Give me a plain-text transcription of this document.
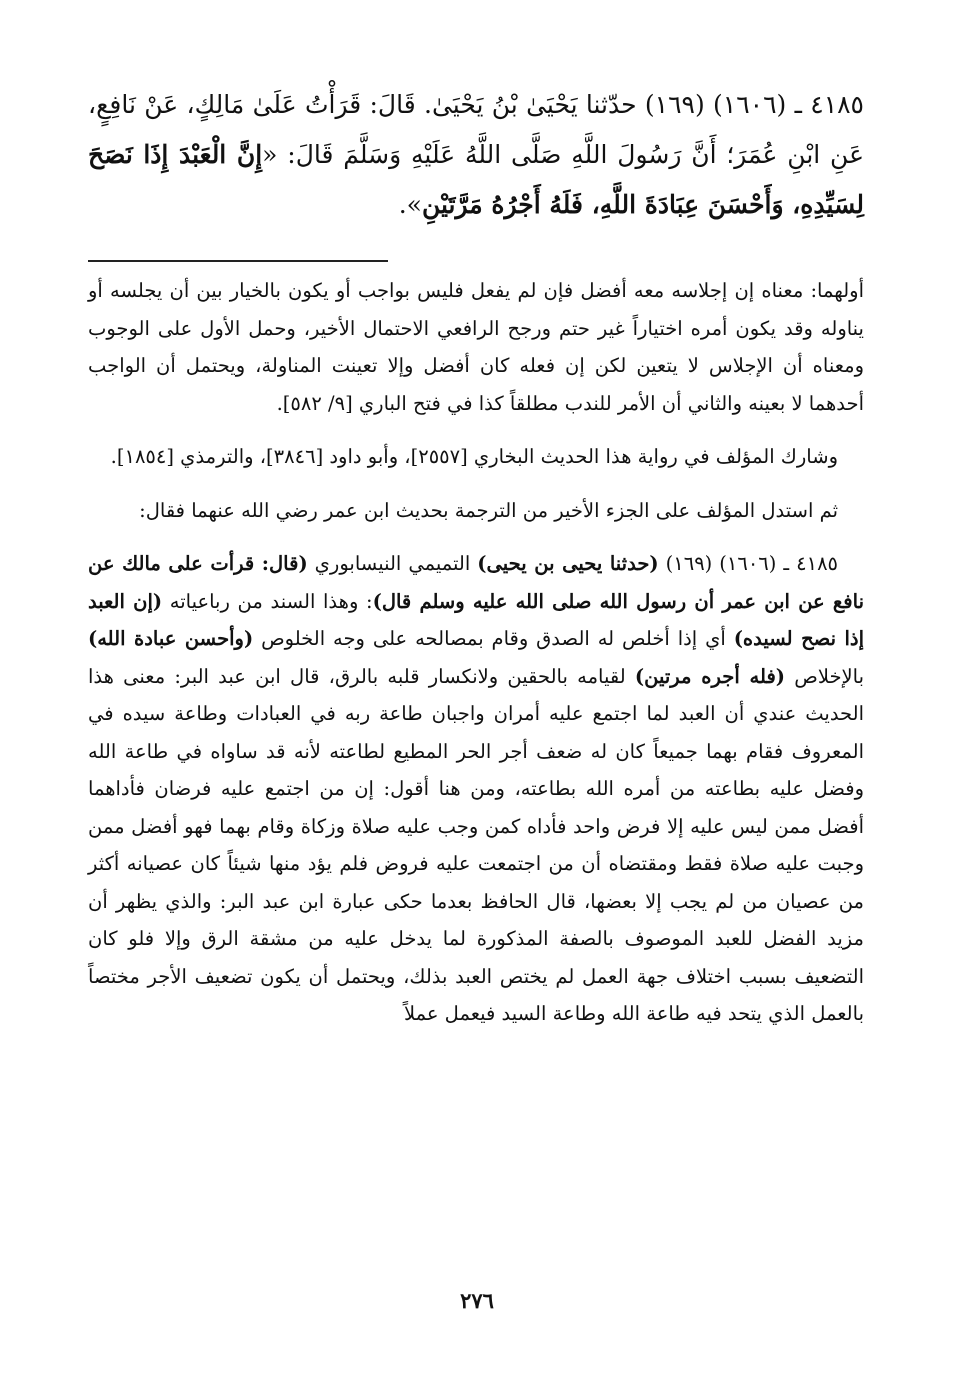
٤١٨٥ ـ (١٦٠٦) (١٦٩) حدّثنا يَحْيَىٰ بْنُ يَحْيَىٰ. قَالَ: قَرَأْتُ عَلَىٰ مَالِكٍ، عَنْ نَافِعٍ، عَنِ ابْنِ عُمَرَ؛ أَنَّ رَسُولَ اللَّهِ صَلَّى اللَّهُ عَلَيْهِ وَسَلَّمَ قَالَ: «إِنَّ الْعَبْدَ إِذَا نَصَحَ لِسَيِّدِهِ، وَأَحْسَنَ عِبَادَةَ اللَّهِ، فَلَهُ أَجْرُهُ مَرَّتَيْنِ».

أولهما: معناه إن إجلاسه معه أفضل فإن لم يفعل فليس بواجب أو يكون بالخيار بين أن يجلسه أو يناوله وقد يكون أمره اختياراً غير حتم ورجح الرافعي الاحتمال الأخير، وحمل الأول على الوجوب ومعناه أن الإجلاس لا يتعين لكن إن فعله كان أفضل وإلا تعينت المناولة، ويحتمل أن الواجب أحدهما لا بعينه والثاني أن الأمر للندب مطلقاً كذا في فتح الباري [٩/ ٥٨٢].

وشارك المؤلف في رواية هذا الحديث البخاري [٢٥٥٧]، وأبو داود [٣٨٤٦]، والترمذي [١٨٥٤].

ثم استدل المؤلف على الجزء الأخير من الترجمة بحديث ابن عمر رضي الله عنهما فقال:

٤١٨٥ ـ (١٦٠٦) (١٦٩) (حدثنا يحيى بن يحيى) التميمي النيسابوري (قال: قرأت على مالك عن نافع عن ابن عمر أن رسول الله صلى الله عليه وسلم قال): وهذا السند من رباعياته (إن العبد إذا نصح لسيده) أي إذا أخلص له الصدق وقام بمصالحه على وجه الخلوص (وأحسن عبادة الله) بالإخلاص (فله أجره مرتين) لقيامه بالحقين ولانكسار قلبه بالرق، قال ابن عبد البر: معنى هذا الحديث عندي أن العبد لما اجتمع عليه أمران واجبان طاعة ربه في العبادات وطاعة سيده في المعروف فقام بهما جميعاً كان له ضعف أجر الحر المطيع لطاعته لأنه قد ساواه في طاعة الله وفضل عليه بطاعته من أمره الله بطاعته، ومن هنا أقول: إن من اجتمع عليه فرضان فأداهما أفضل ممن ليس عليه إلا فرض واحد فأداه كمن وجب عليه صلاة وزكاة وقام بهما فهو أفضل ممن وجبت عليه صلاة فقط ومقتضاه أن من اجتمعت عليه فروض فلم يؤد منها شيئاً كان عصيانه أكثر من عصيان من لم يجب إلا بعضها، قال الحافظ بعدما حكى عبارة ابن عبد البر: والذي يظهر أن مزيد الفضل للعبد الموصوف بالصفة المذكورة لما يدخل عليه من مشقة الرق وإلا فلو كان التضعيف بسبب اختلاف جهة العمل لم يختص العبد بذلك، ويحتمل أن يكون تضعيف الأجر مختصاً بالعمل الذي يتحد فيه طاعة الله وطاعة السيد فيعمل عملاً

٢٧٦
